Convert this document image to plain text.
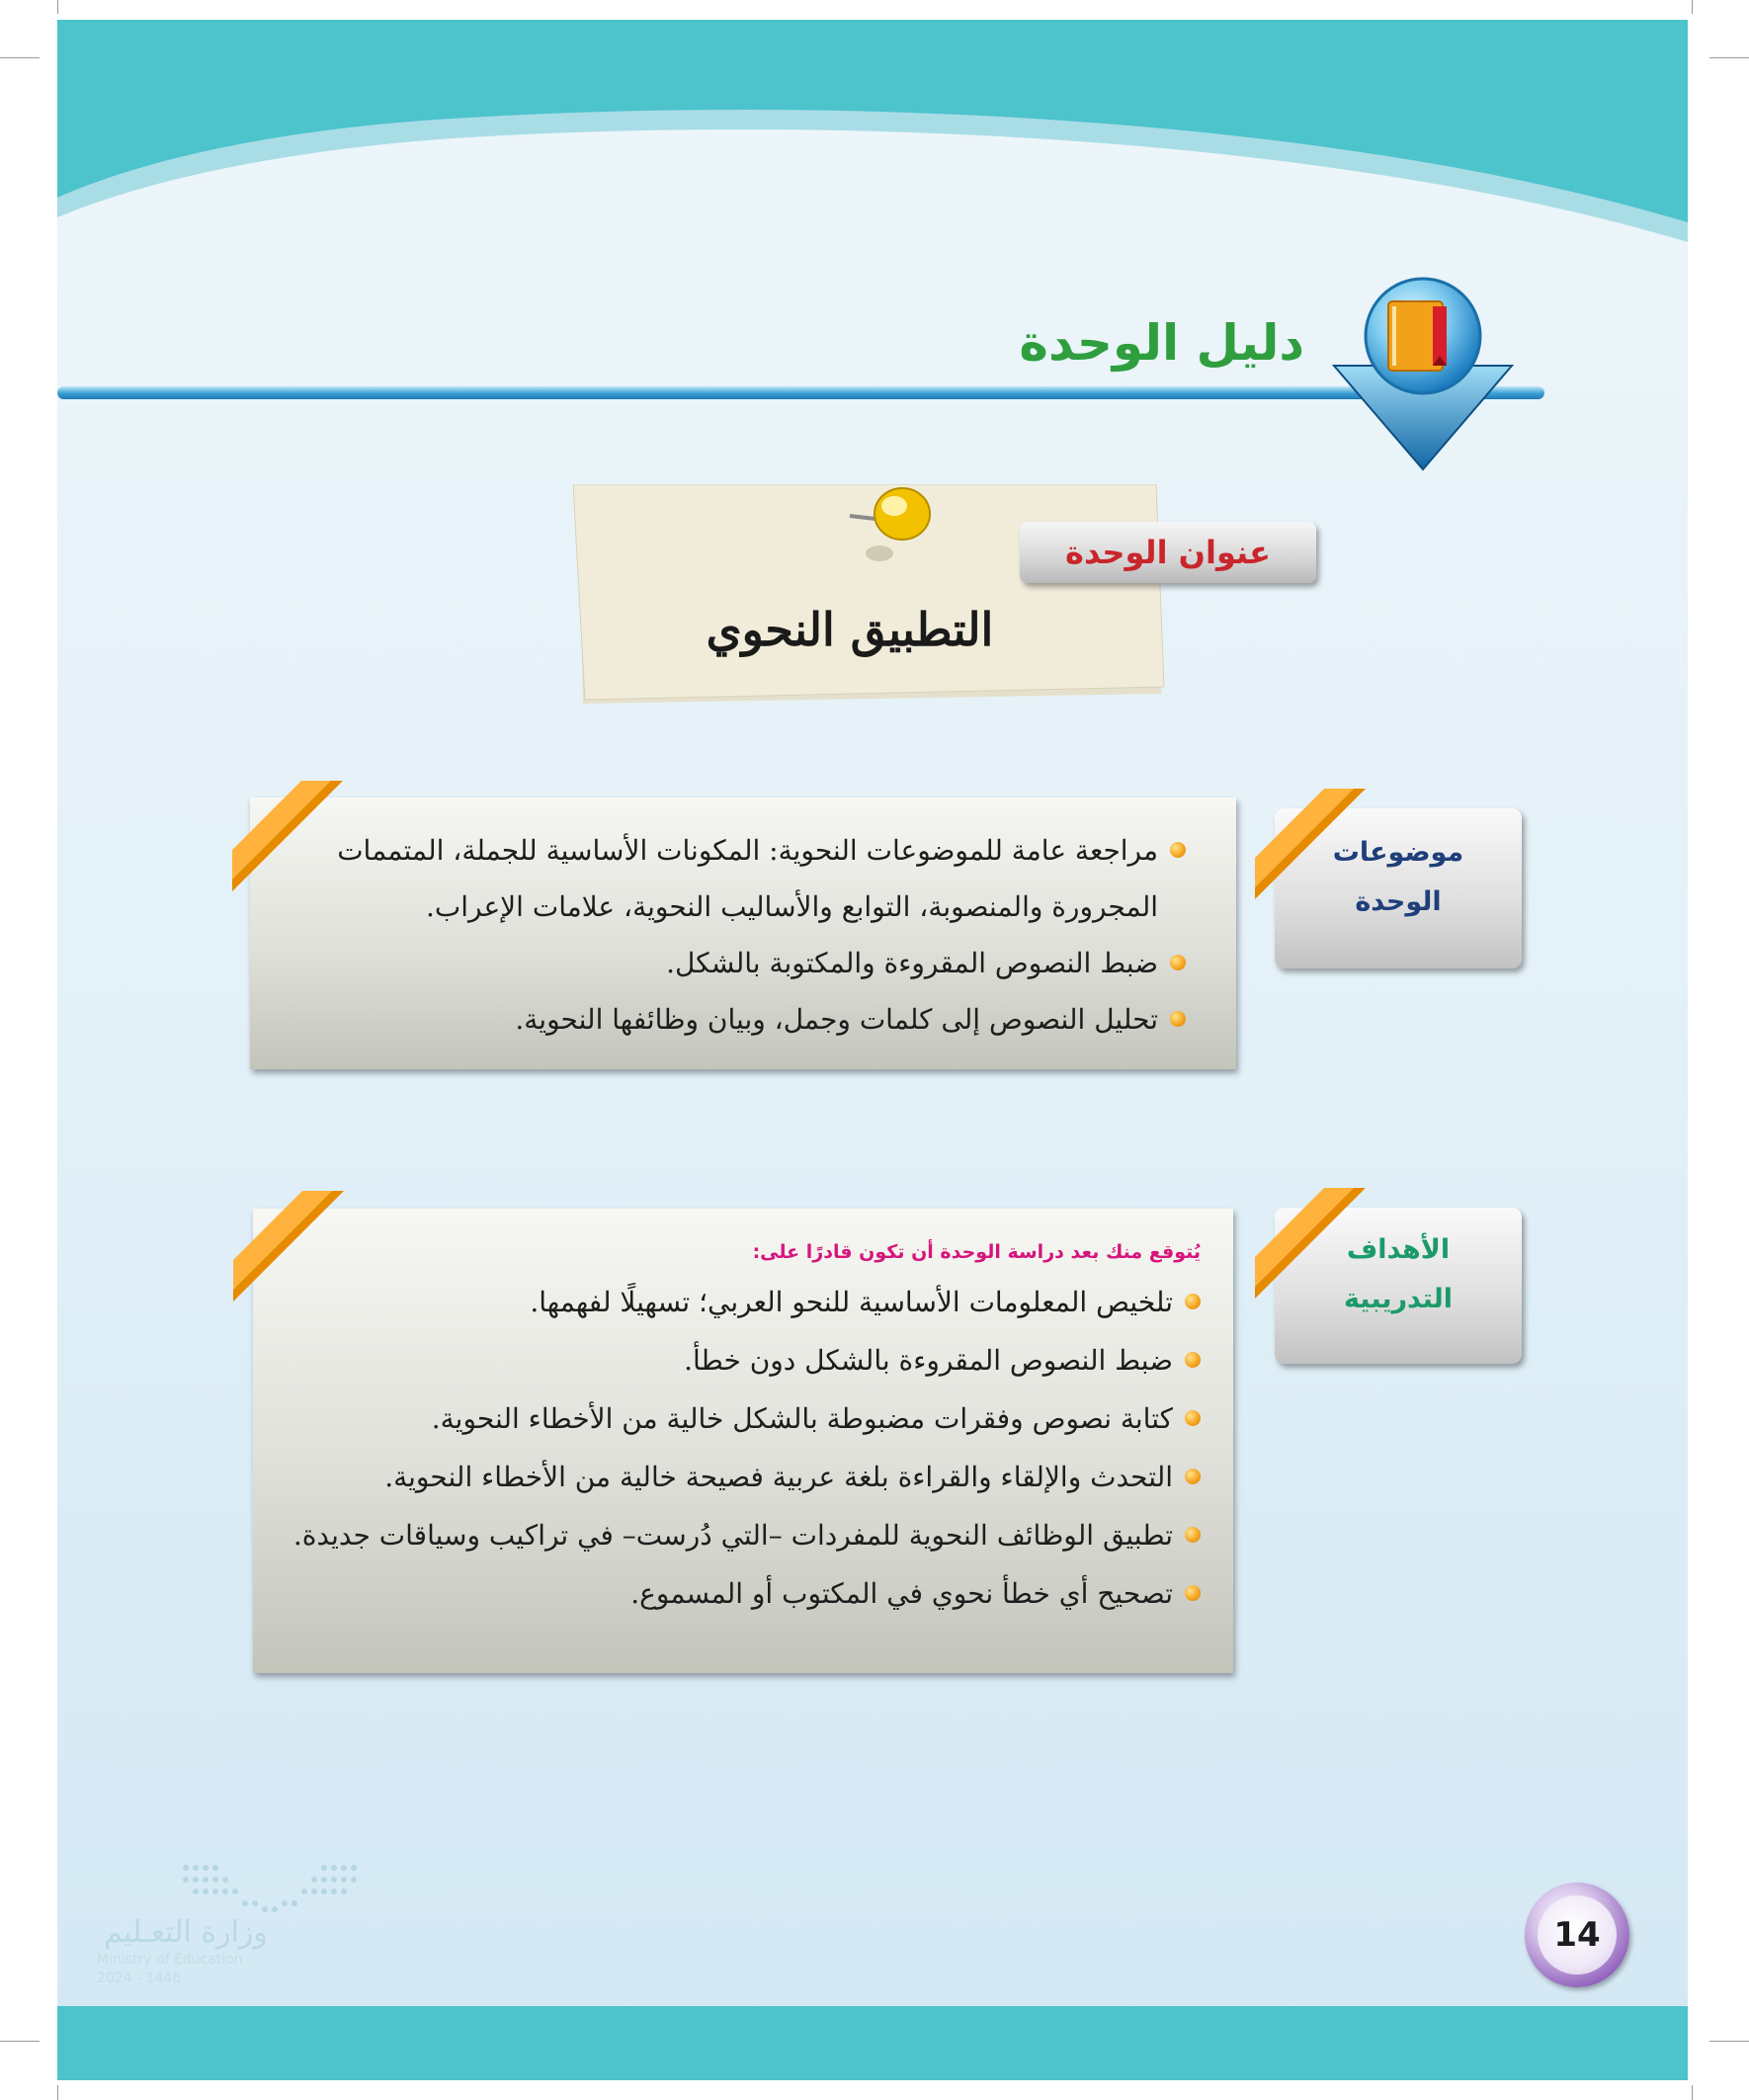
14
وزارة التعـليم
Ministry of Education
2024 - 1446
دليل الوحدة
عنوان الوحدة
التطبيق النحوي
مراجعة عامة للموضوعات النحوية: المكونات الأساسية للجملة، المتممات المجرورة والمنصوبة، التوابع والأساليب النحوية، علامات الإعراب.
ضبط النصوص المقروءة والمكتوبة بالشكل.
تحليل النصوص إلى كلمات وجمل، وبيان وظائفها النحوية.
موضوعات
الوحدة
يُتوقع منك بعد دراسة الوحدة أن تكون قادرًا على:
تلخيص المعلومات الأساسية للنحو العربي؛ تسهيلًا لفهمها.
ضبط النصوص المقروءة بالشكل دون خطأ.
كتابة نصوص وفقرات مضبوطة بالشكل خالية من الأخطاء النحوية.
التحدث والإلقاء والقراءة بلغة عربية فصيحة خالية من الأخطاء النحوية.
تطبيق الوظائف النحوية للمفردات –التي دُرست– في تراكيب وسياقات جديدة.
تصحيح أي خطأ نحوي في المكتوب أو المسموع.
الأهداف
التدريبية
